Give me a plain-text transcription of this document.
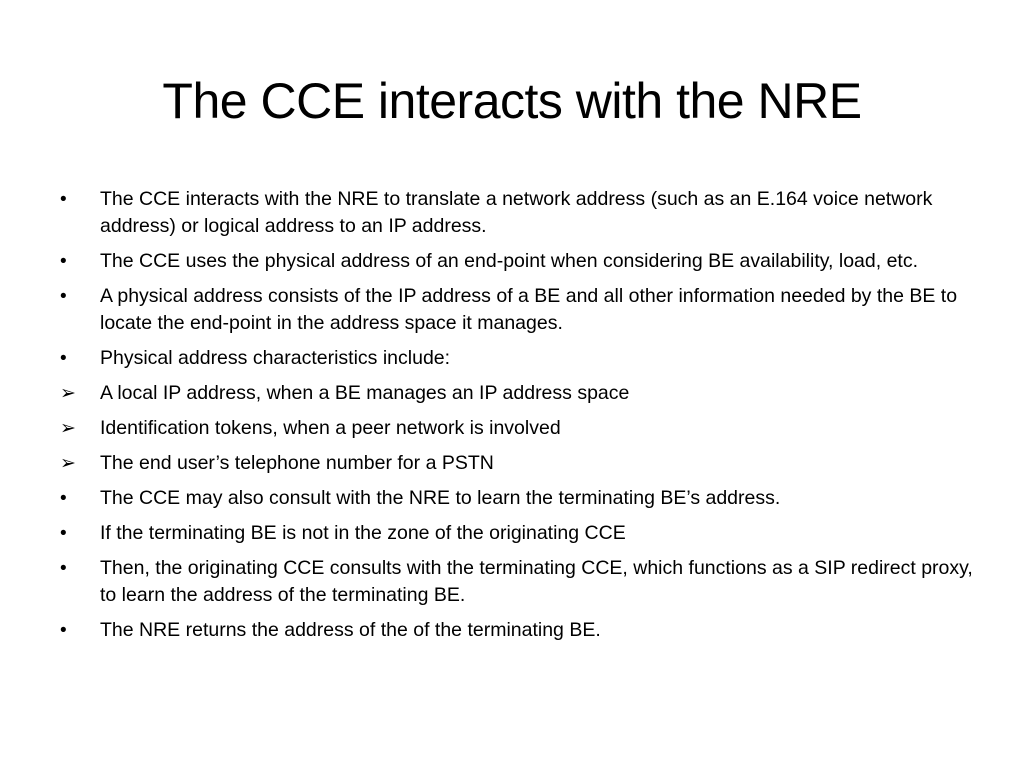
The CCE interacts with the NRE
•	The CCE interacts with the NRE to translate a network address (such as an E.164 voice network address) or logical address to an IP address.
•	The CCE uses the physical address of an end-point when considering BE availability, load, etc.
•	A physical address consists of the IP address of a BE and all other information needed by the BE to locate the end-point in the address space it manages.
•	Physical address characteristics include:
➢	A local IP address, when a BE manages an IP address space
➢	Identification tokens, when a peer network is involved
➢	The end user’s telephone number for a PSTN
•	The CCE may also consult with the NRE to learn the terminating BE’s address.
•	If the terminating BE is not in the zone of the originating CCE
•	Then, the originating CCE consults with the terminating CCE, which functions as a SIP redirect proxy, to learn the address of the terminating BE.
•	The NRE returns the address of the of the terminating BE.
